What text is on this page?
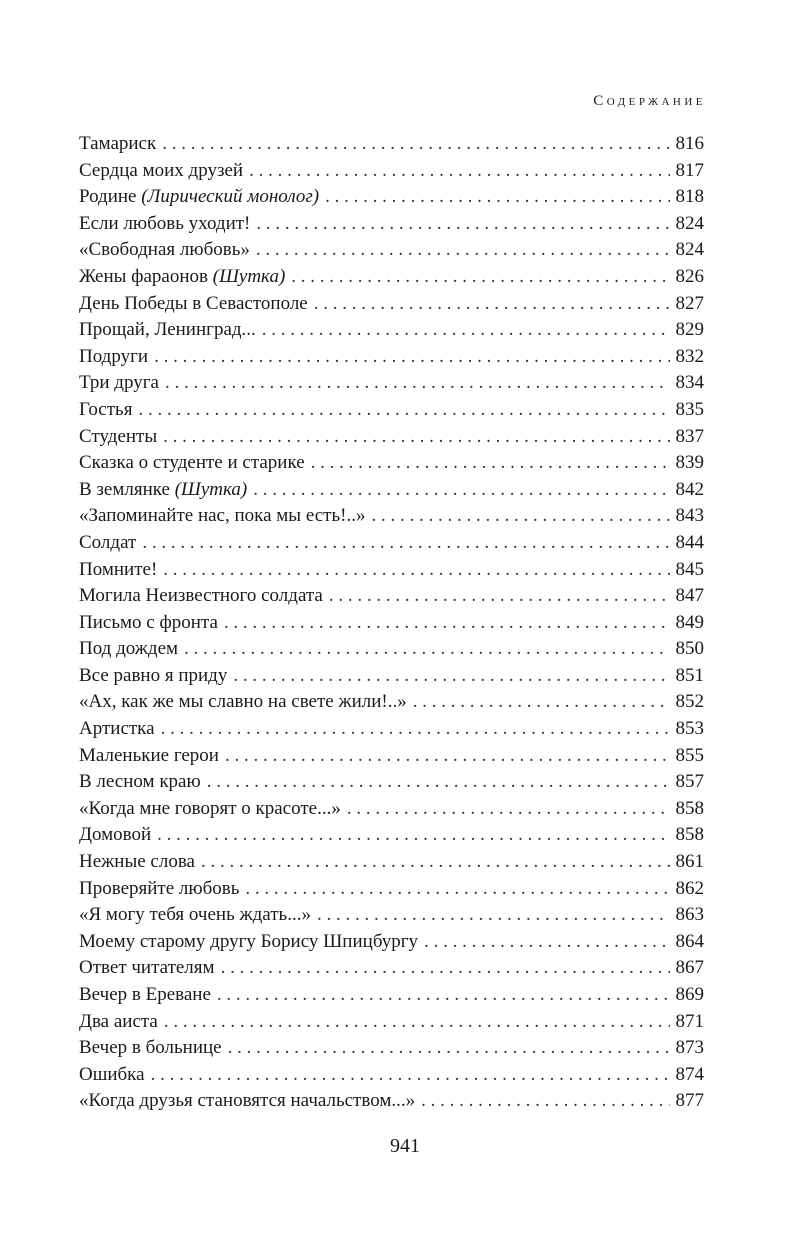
Содержание
Тамариск . . .	816
Сердца моих друзей . . .	817
Родине (Лирический монолог) . . .	818
Если любовь уходит! . . .	824
«Свободная любовь» . . .	824
Жены фараонов (Шутка) . . .	826
День Победы в Севастополе . . .	827
Прощай, Ленинград... . . .	829
Подруги . . .	832
Три друга . . .	834
Гостья . . .	835
Студенты . . .	837
Сказка о студенте и старике . . .	839
В землянке (Шутка) . . .	842
«Запоминайте нас, пока мы есть!..» . . .	843
Солдат . . .	844
Помните! . . .	845
Могила Неизвестного солдата . . .	847
Письмо с фронта . . .	849
Под дождем . . .	850
Все равно я приду . . .	851
«Ах, как же мы славно на свете жили!..» . . .	852
Артистка . . .	853
Маленькие герои . . .	855
В лесном краю . . .	857
«Когда мне говорят о красоте...» . . .	858
Домовой . . .	858
Нежные слова . . .	861
Проверяйте любовь . . .	862
«Я могу тебя очень ждать...» . . .	863
Моему старому другу Борису Шпицбургу . . .	864
Ответ читателям . . .	867
Вечер в Ереване . . .	869
Два аиста . . .	871
Вечер в больнице . . .	873
Ошибка . . .	874
«Когда друзья становятся начальством...» . . .	877
941
